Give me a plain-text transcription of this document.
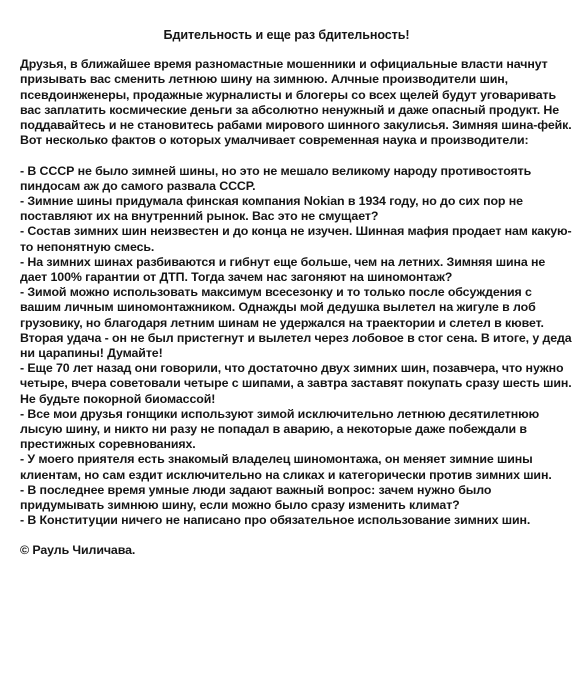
Бдительность и еще раз бдительность!

Друзья, в ближайшее время разномастные мошенники и официальные власти начнут призывать вас сменить летнюю шину на зимнюю. Алчные производители шин, псевдоинженеры, продажные журналисты и блогеры со всех щелей будут уговаривать вас заплатить космические деньги за абсолютно ненужный и даже опасный продукт. Не поддавайтесь и не становитесь рабами мирового шинного закулисья. Зимняя шина-фейк. Вот несколько фактов о которых умалчивает современная наука и производители:

- В СССР не было зимней шины, но это не мешало великому народу противостоять пиндосам аж до самого развала СССР.
- Зимние шины придумала финская компания Nokian в 1934 году, но до сих пор не поставляют их на внутренний рынок. Вас это не смущает?
- Состав зимних шин неизвестен и до конца не изучен. Шинная мафия продает нам какую-то непонятную смесь.
- На зимних шинах разбиваются и гибнут еще больше, чем на летних. Зимняя шина не дает 100% гарантии от ДТП. Тогда зачем нас загоняют на шиномонтаж?
- Зимой можно использовать максимум всесезонку и то только после обсуждения с вашим личным шиномонтажником. Однажды мой дедушка вылетел на жигуле в лоб грузовику, но благодаря летним шинам не удержался на траектории и слетел в кювет. Вторая удача - он не был пристегнут и вылетел через лобовое в стог сена. В итоге, у деда ни царапины! Думайте!
- Еще 70 лет назад они говорили, что достаточно двух зимних шин, позавчера, что нужно четыре, вчера советовали четыре с шипами, а завтра заставят покупать сразу шесть шин. Не будьте покорной биомассой!
- Все мои друзья гонщики используют зимой исключительно летнюю десятилетнюю лысую шину, и никто ни разу не попадал в аварию, а некоторые даже побеждали в престижных соревнованиях.
- У моего приятеля есть знакомый владелец шиномонтажа, он меняет зимние шины клиентам, но сам ездит исключительно на сликах и категорически против зимних шин.
- В последнее время умные люди задают важный вопрос: зачем нужно было придумывать зимнюю шину, если можно было сразу изменить климат?
- В Конституции ничего не написано про обязательное использование зимних шин.
© Рауль Чиличава.
